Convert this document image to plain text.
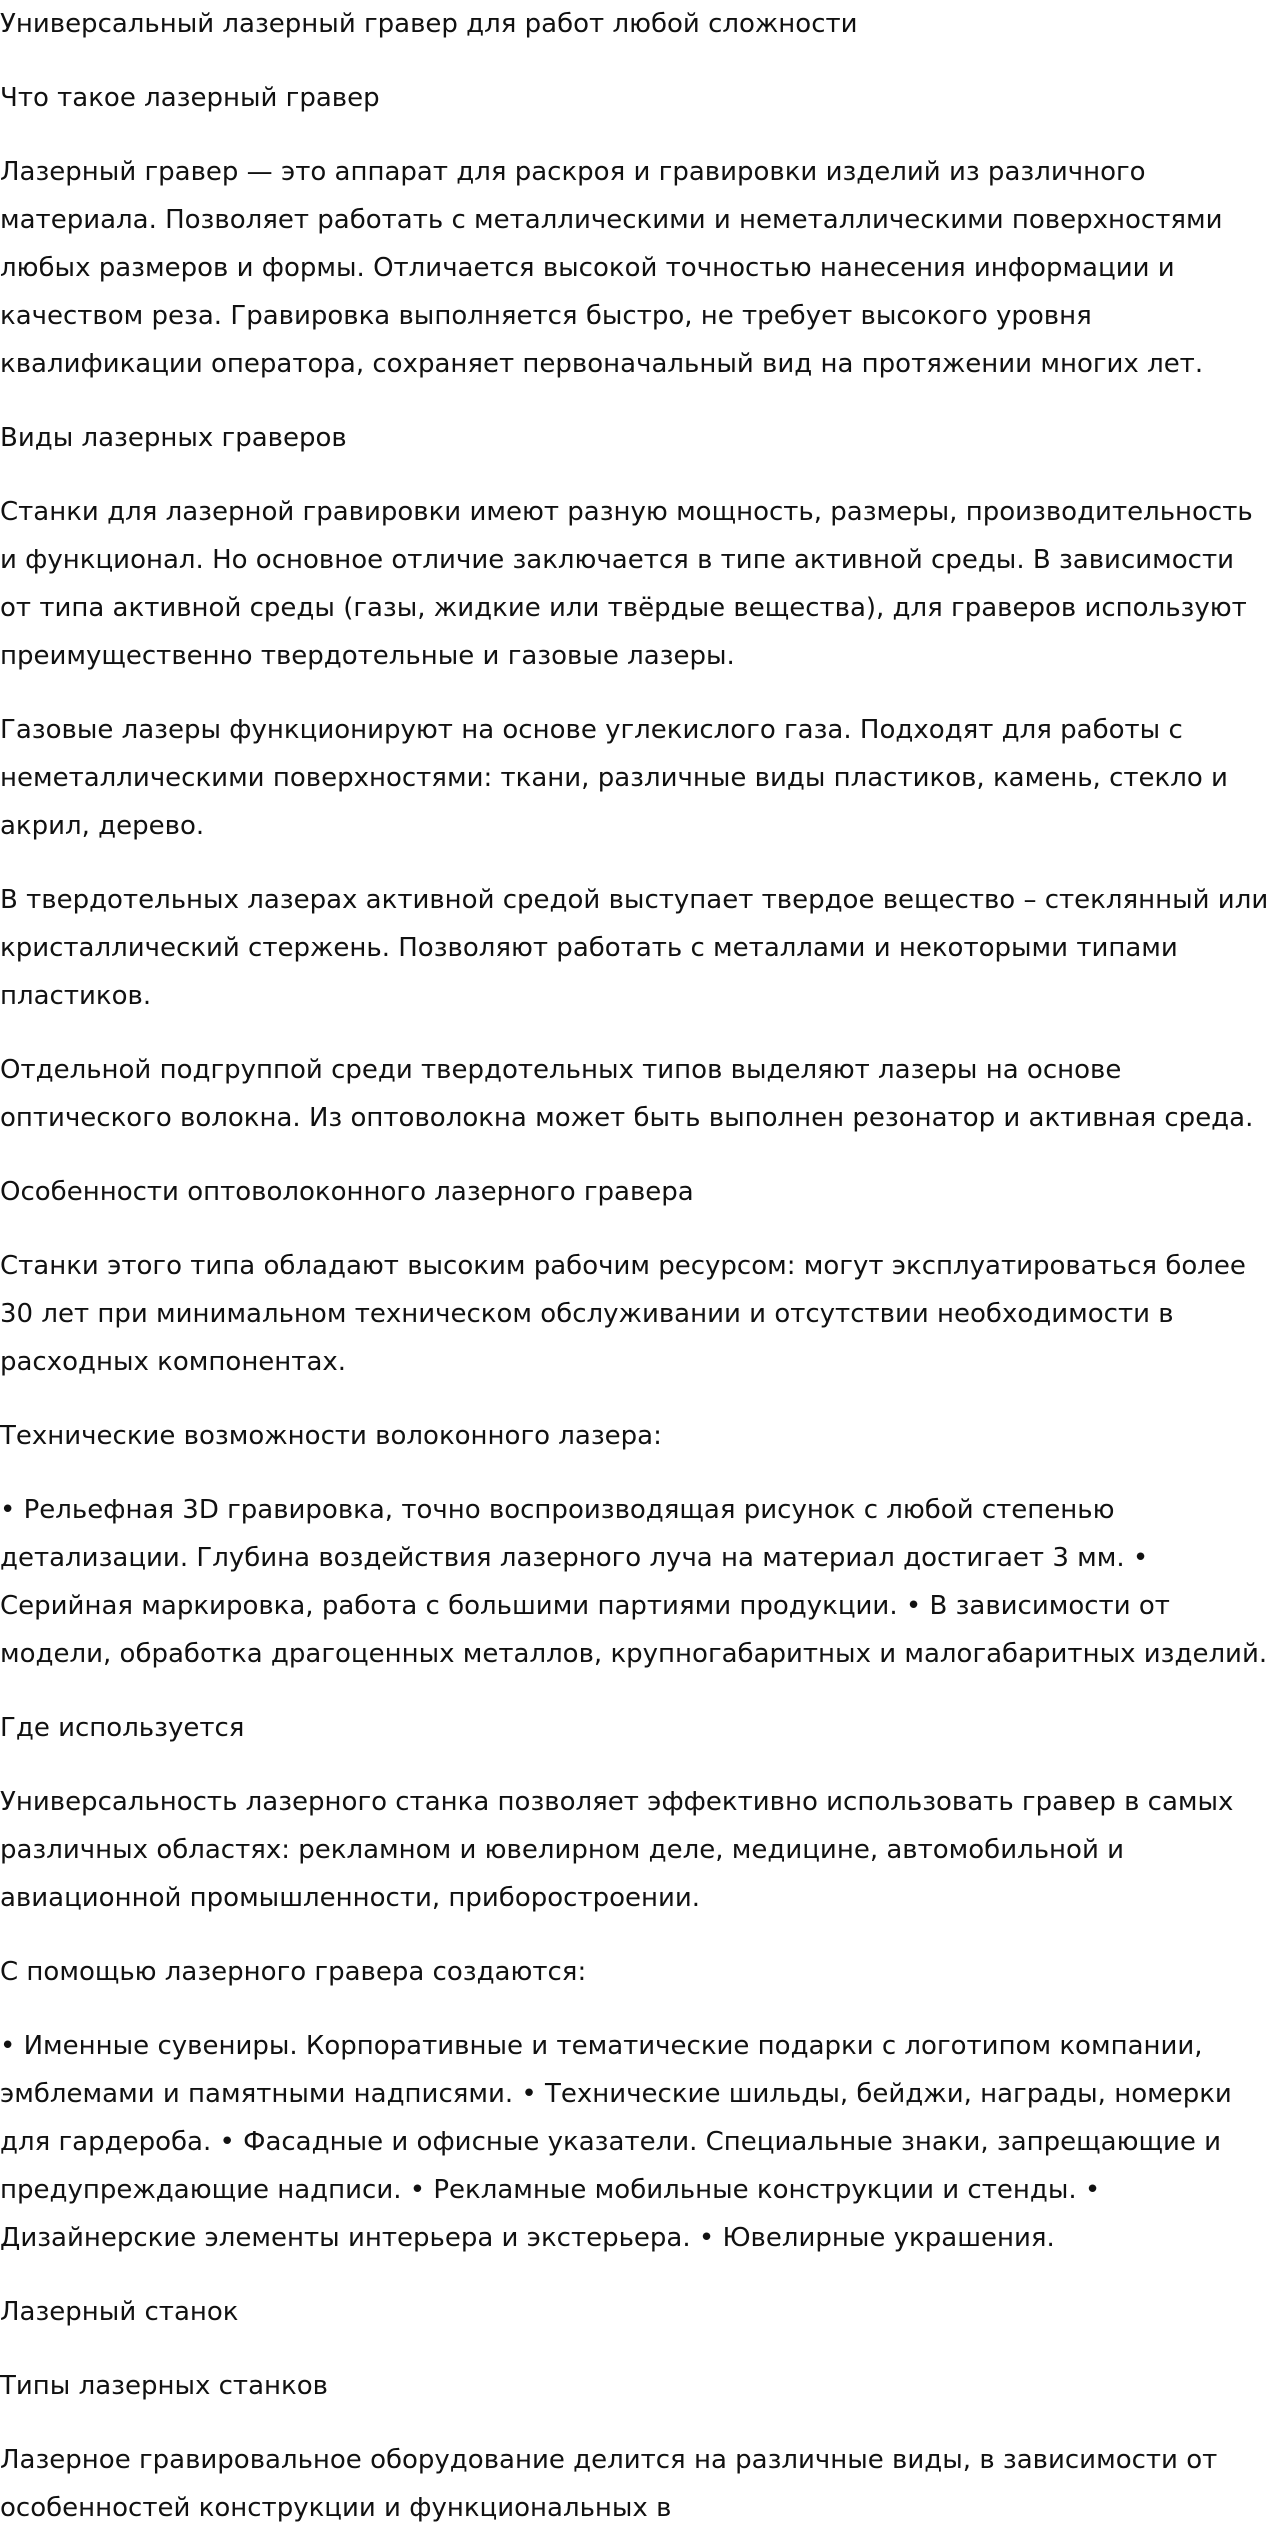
Универсальный лазерный гравер для работ любой сложности
Что такое лазерный гравер
Лазерный гравер — это аппарат для раскроя и гравировки изделий из различного материала. Позволяет работать с металлическими и неметаллическими поверхностями любых размеров и формы. Отличается высокой точностью нанесения информации и качеством реза. Гравировка выполняется быстро, не требует высокого уровня квалификации оператора, сохраняет первоначальный вид на протяжении многих лет.
Виды лазерных граверов
Станки для лазерной гравировки имеют разную мощность, размеры, производительность и функционал. Но основное отличие заключается в типе активной среды. В зависимости от типа активной среды (газы, жидкие или твёрдые вещества), для граверов используют преимущественно твердотельные и газовые лазеры.
Газовые лазеры функционируют на основе углекислого газа. Подходят для работы с неметаллическими поверхностями: ткани, различные виды пластиков, камень, стекло и акрил, дерево.
В твердотельных лазерах активной средой выступает твердое вещество – стеклянный или кристаллический стержень. Позволяют работать с металлами и некоторыми типами пластиков.
Отдельной подгруппой среди твердотельных типов выделяют лазеры на основе оптического волокна. Из оптоволокна может быть выполнен резонатор и активная среда.
Особенности оптоволоконного лазерного гравера
Станки этого типа обладают высоким рабочим ресурсом: могут эксплуатироваться более 30 лет при минимальном техническом обслуживании и отсутствии необходимости в расходных компонентах.
Технические возможности волоконного лазера:
• Рельефная 3D гравировка, точно воспроизводящая рисунок с любой степенью детализации. Глубина воздействия лазерного луча на материал достигает 3 мм. • Серийная маркировка, работа с большими партиями продукции. • В зависимости от модели, обработка драгоценных металлов, крупногабаритных и малогабаритных изделий.
Где используется
Универсальность лазерного станка позволяет эффективно использовать гравер в самых различных областях: рекламном и ювелирном деле, медицине, автомобильной и авиационной промышленности, приборостроении.
С помощью лазерного гравера создаются:
• Именные сувениры. Корпоративные и тематические подарки с логотипом компании, эмблемами и памятными надписями. • Технические шильды, бейджи, награды, номерки для гардероба. • Фасадные и офисные указатели. Специальные знаки, запрещающие и предупреждающие надписи. • Рекламные мобильные конструкции и стенды. • Дизайнерские элементы интерьера и экстерьера. • Ювелирные украшения.
Лазерный станок
Типы лазерных станков
Лазерное гравировальное оборудование делится на различные виды, в зависимости от особенностей конструкции и функциональных в
